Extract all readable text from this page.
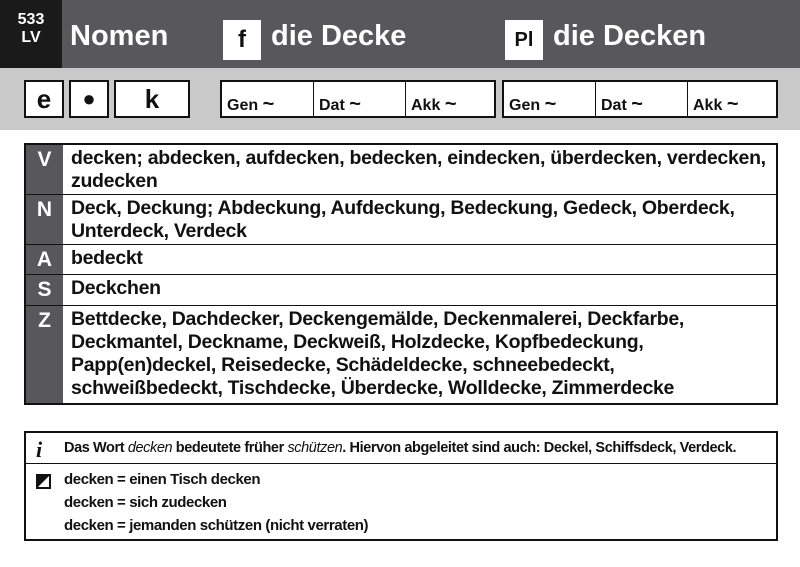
533
LV	Nomen	f die Decke	Pl die Decken
e	●	k	Gen ~	Dat ~	Akk ~	Gen ~	Dat ~	Akk ~
V	decken; abdecken, aufdecken, bedecken, eindecken, überdecken, verdecken, zudecken
N Deck, Deckung; Abdeckung, Aufdeckung, Bedeckung, Gedeck, Oberdeck, Unterdeck, Verdeck
A bedeckt
S	Deckchen
Z	Bettdecke, Dachdecker, Deckengemälde, Deckenmalerei, Deckfarbe, Deckmantel, Deckname, Deckweiß, Holzdecke, Kopfbedeckung, Papp(en)deckel, Reisedecke, Schädeldecke, schneebedeckt, schweißbedeckt, Tischdecke, Überdecke, Wolldecke, Zimmerdecke
i Das Wort decken bedeutete früher schützen. Hiervon abgeleitet sind auch: Deckel, Schiffsdeck, Verdeck.
decken = einen Tisch decken
decken = sich zudecken
decken = jemanden schützen (nicht verraten)
